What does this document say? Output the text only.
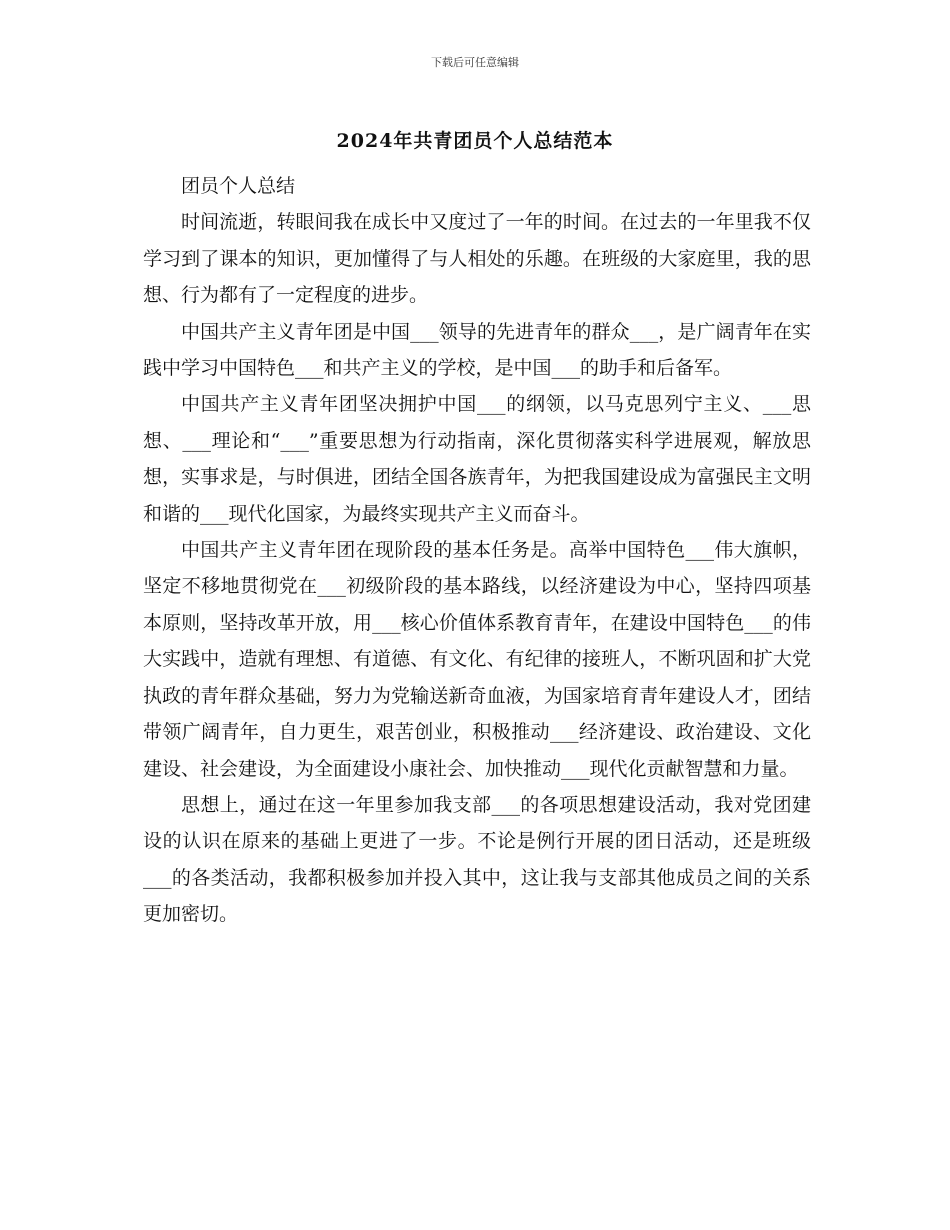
下载后可任意编辑
2024年共青团员个人总结范本

团员个人总结

时间流逝，转眼间我在成长中又度过了一年的时间。在过去的一年里我不仅学习到了课本的知识，更加懂得了与人相处的乐趣。在班级的大家庭里，我的思想、行为都有了一定程度的进步。

中国共产主义青年团是中国___领导的先进青年的群众___，是广阔青年在实践中学习中国特色___和共产主义的学校，是中国___的助手和后备军。

中国共产主义青年团坚决拥护中国___的纲领，以马克思列宁主义、___思想、___理论和“___”重要思想为行动指南，深化贯彻落实科学进展观，解放思想，实事求是，与时俱进，团结全国各族青年，为把我国建设成为富强民主文明和谐的___现代化国家，为最终实现共产主义而奋斗。

中国共产主义青年团在现阶段的基本任务是。高举中国特色___伟大旗帜，坚定不移地贯彻党在___初级阶段的基本路线，以经济建设为中心，坚持四项基本原则，坚持改革开放，用___核心价值体系教育青年，在建设中国特色___的伟大实践中，造就有理想、有道德、有文化、有纪律的接班人，不断巩固和扩大党执政的青年群众基础，努力为党输送新奇血液，为国家培育青年建设人才，团结带领广阔青年，自力更生，艰苦创业，积极推动___经济建设、政治建设、文化建设、社会建设，为全面建设小康社会、加快推动___现代化贡献智慧和力量。

思想上，通过在这一年里参加我支部___的各项思想建设活动，我对党团建设的认识在原来的基础上更进了一步。不论是例行开展的团日活动，还是班级___的各类活动，我都积极参加并投入其中，这让我与支部其他成员之间的关系更加密切。
